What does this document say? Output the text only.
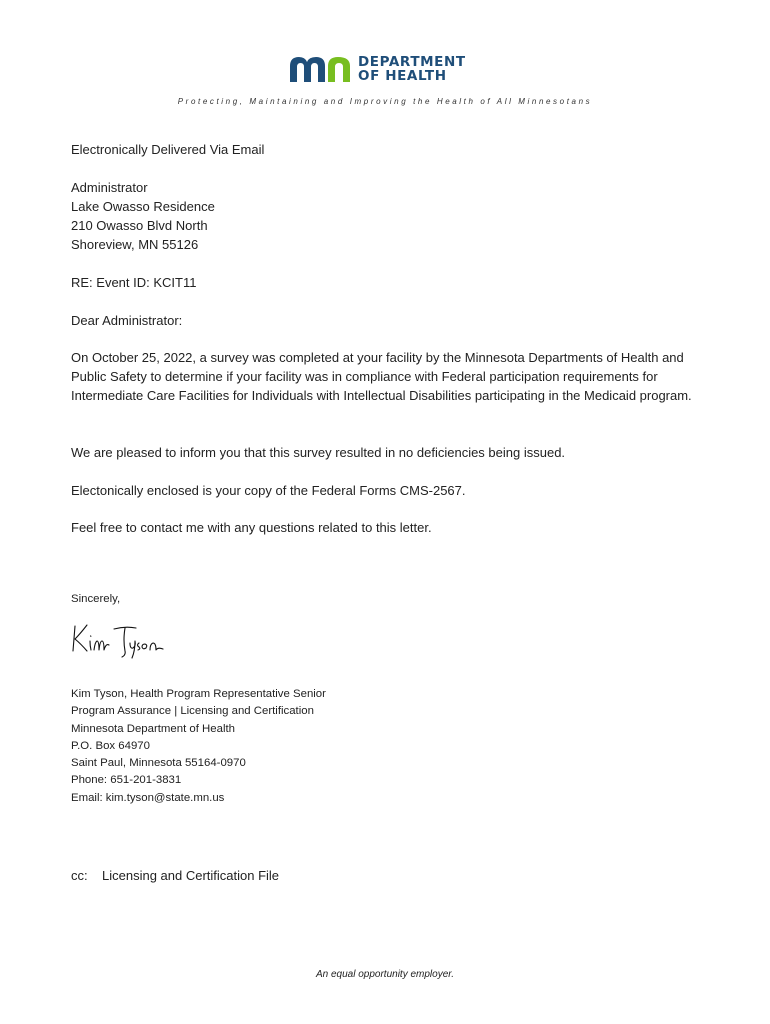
DEPARTMENT
OF HEALTH
Protecting, Maintaining and Improving the Health of All Minnesotans

Electronically Delivered Via Email

Administrator
Lake Owasso Residence
210 Owasso Blvd North
Shoreview, MN 55126

RE: Event ID: KCIT11

Dear Administrator:

On October 25, 2022, a survey was completed at your facility by the Minnesota Departments of Health and Public Safety to determine if your facility was in compliance with Federal participation requirements for Intermediate Care Facilities for Individuals with Intellectual Disabilities participating in the Medicaid program.

We are pleased to inform you that this survey resulted in no deficiencies being issued.

Electonically enclosed is your copy of the Federal Forms CMS-2567.

Feel free to contact me with any questions related to this letter.

Sincerely,

Kim Tyson, Health Program Representative Senior
Program Assurance | Licensing and Certification
Minnesota Department of Health
P.O. Box 64970
Saint Paul, Minnesota 55164-0970
Phone: 651-201-3831
Email: kim.tyson@state.mn.us

cc: Licensing and Certification File
An equal opportunity employer.
